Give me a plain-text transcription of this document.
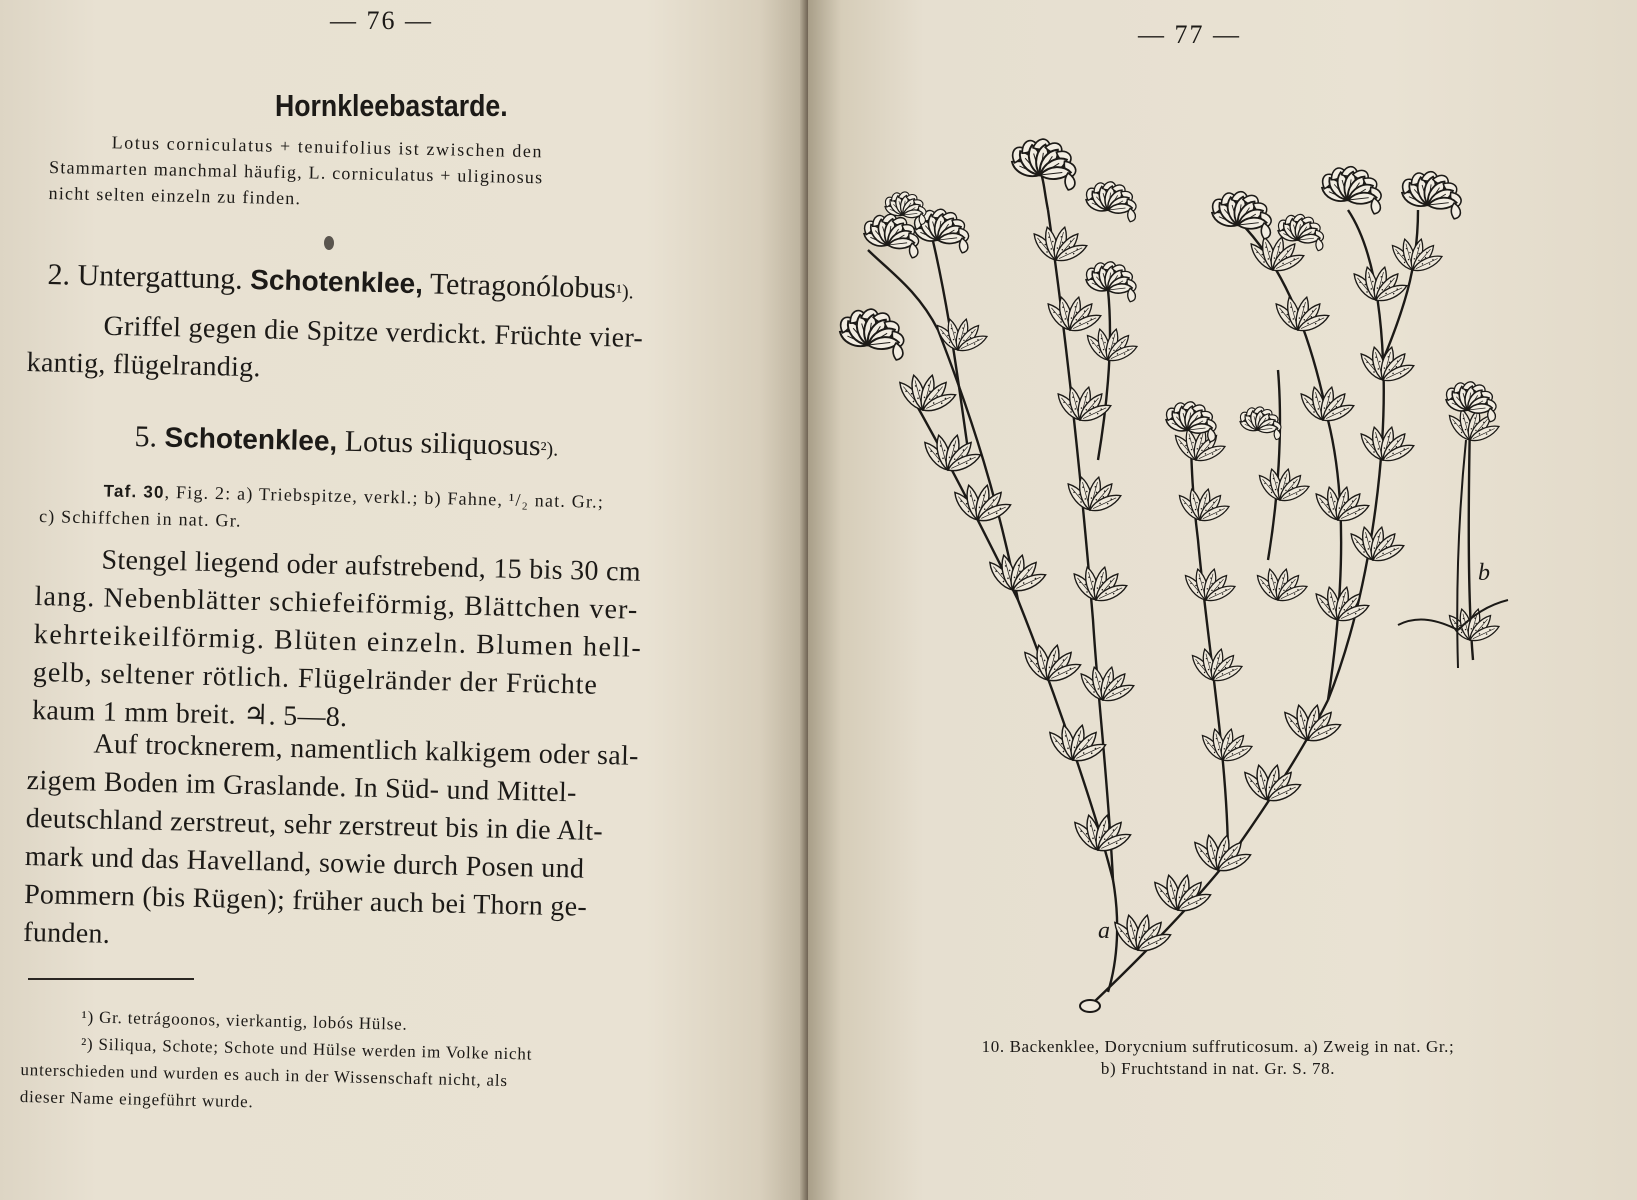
— 76 —
Hornkleebastarde.
Lotus corniculatus + tenuifolius ist zwischen den
Stammarten manchmal häufig, L. corniculatus + uliginosus
nicht selten einzeln zu finden.
2. Untergattung. Schotenklee, Tetragonólobus¹).
Griffel gegen die Spitze verdickt. Früchte vier-
kantig, flügelrandig.
5. Schotenklee, Lotus siliquosus²).
Taf. 30, Fig. 2: a) Triebspitze, verkl.; b) Fahne, ¹/₂ nat. Gr.;
c) Schiffchen in nat. Gr.
Stengel liegend oder aufstrebend, 15 bis 30 cm
lang. Nebenblätter schiefeiförmig, Blättchen ver-
kehrteikeilförmig. Blüten einzeln. Blumen hell-
gelb, seltener rötlich. Flügelränder der Früchte
kaum 1 mm breit. ♃. 5—8.
Auf trocknerem, namentlich kalkigem oder sal-
zigem Boden im Graslande. In Süd- und Mittel-
deutschland zerstreut, sehr zerstreut bis in die Alt-
mark und das Havelland, sowie durch Posen und
Pommern (bis Rügen); früher auch bei Thorn ge-
funden.
¹) Gr. tetrágoonos, vierkantig, lobós Hülse.
²) Siliqua, Schote; Schote und Hülse werden im Volke nicht
unterschieden und wurden es auch in der Wissenschaft nicht, als
dieser Name eingeführt wurde.
— 77 —
a
b
10. Backenklee, Dorycnium suffruticosum. a) Zweig in nat. Gr.;
b) Fruchtstand in nat. Gr. S. 78.
